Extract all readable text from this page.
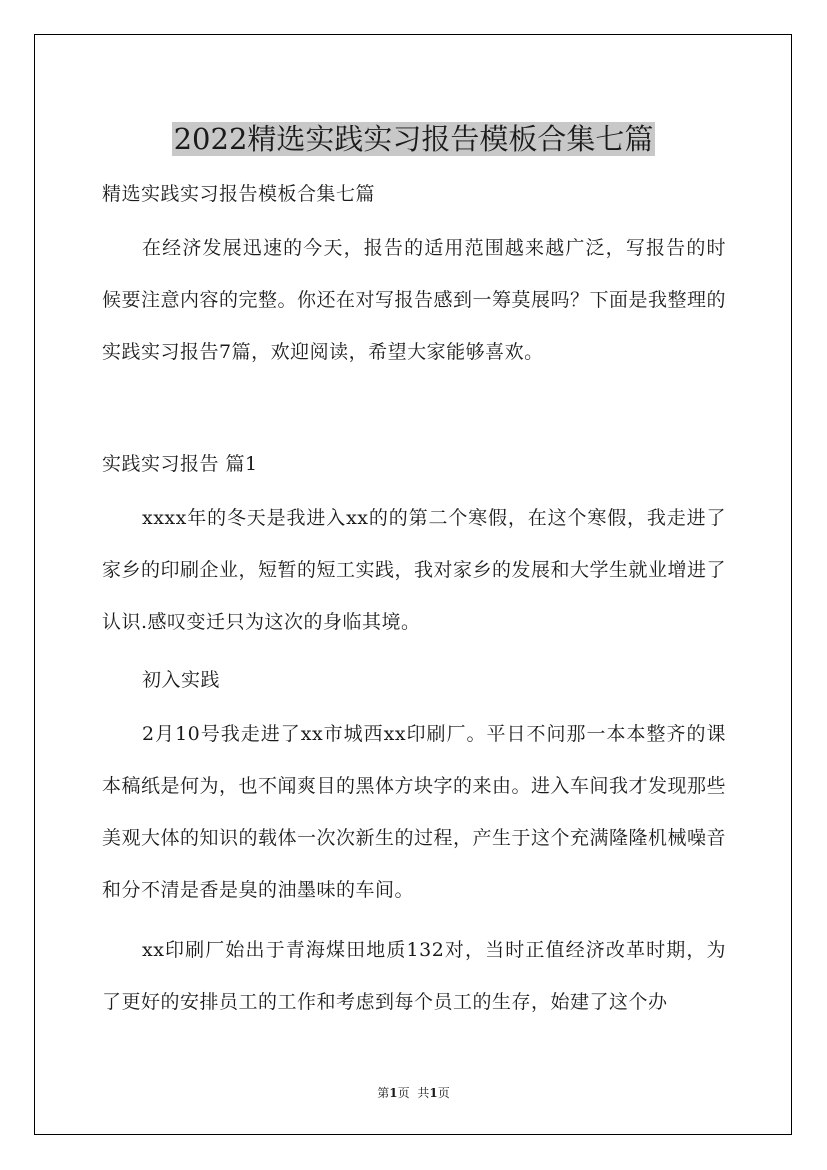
2022精选实践实习报告模板合集七篇

精选实践实习报告模板合集七篇

在经济发展迅速的今天，报告的适用范围越来越广泛，写报告的时候要注意内容的完整。你还在对写报告感到一筹莫展吗？下面是我整理的实践实习报告7篇，欢迎阅读，希望大家能够喜欢。

实践实习报告 篇1

xxxx年的冬天是我进入xx的的第二个寒假，在这个寒假，我走进了家乡的印刷企业，短暂的短工实践，我对家乡的发展和大学生就业增进了认识.感叹变迁只为这次的身临其境。

初入实践

2月10号我走进了xx市城西xx印刷厂。平日不问那一本本整齐的课本稿纸是何为，也不闻爽目的黑体方块字的来由。进入车间我才发现那些美观大体的知识的载体一次次新生的过程，产生于这个充满隆隆机械噪音和分不清是香是臭的油墨味的车间。

xx印刷厂始出于青海煤田地质132对，当时正值经济改革时期，为了更好的安排员工的工作和考虑到每个员工的生存，始建了这个办

第1页 共1页
